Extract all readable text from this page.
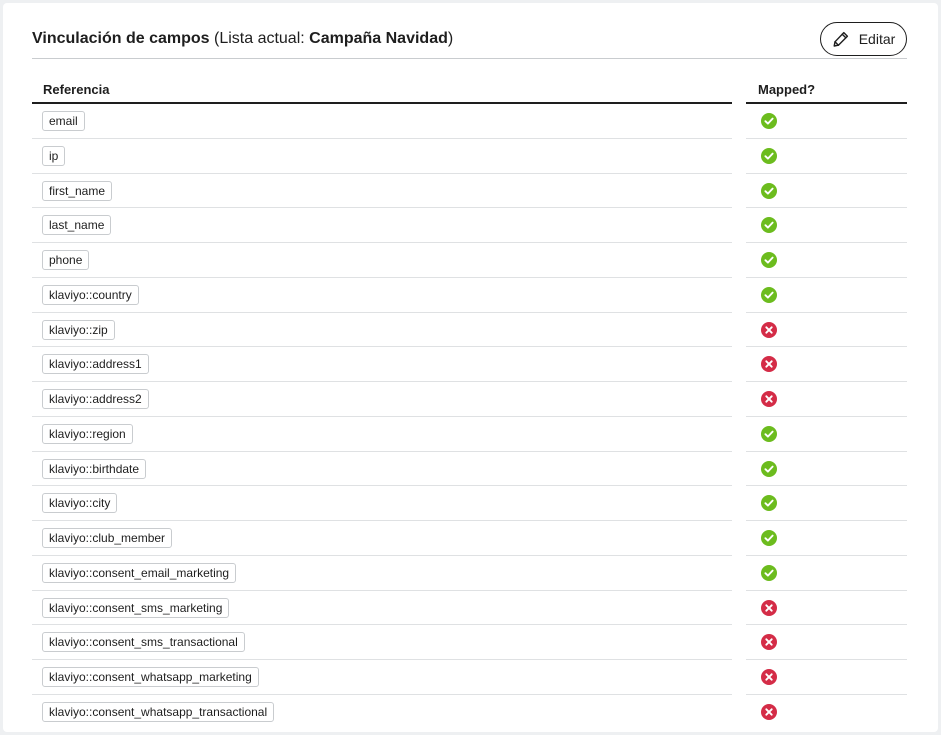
Vinculación de campos (Lista actual: Campaña Navidad)	Editar
Referencia	Mapped?
email
ip
first_name
last_name
phone
klaviyo::country
klaviyo::zip
klaviyo::address1
klaviyo::address2
klaviyo::region
klaviyo::birthdate
klaviyo::city
klaviyo::club_member
klaviyo::consent_email_marketing
klaviyo::consent_sms_marketing
klaviyo::consent_sms_transactional
klaviyo::consent_whatsapp_marketing
klaviyo::consent_whatsapp_transactional
